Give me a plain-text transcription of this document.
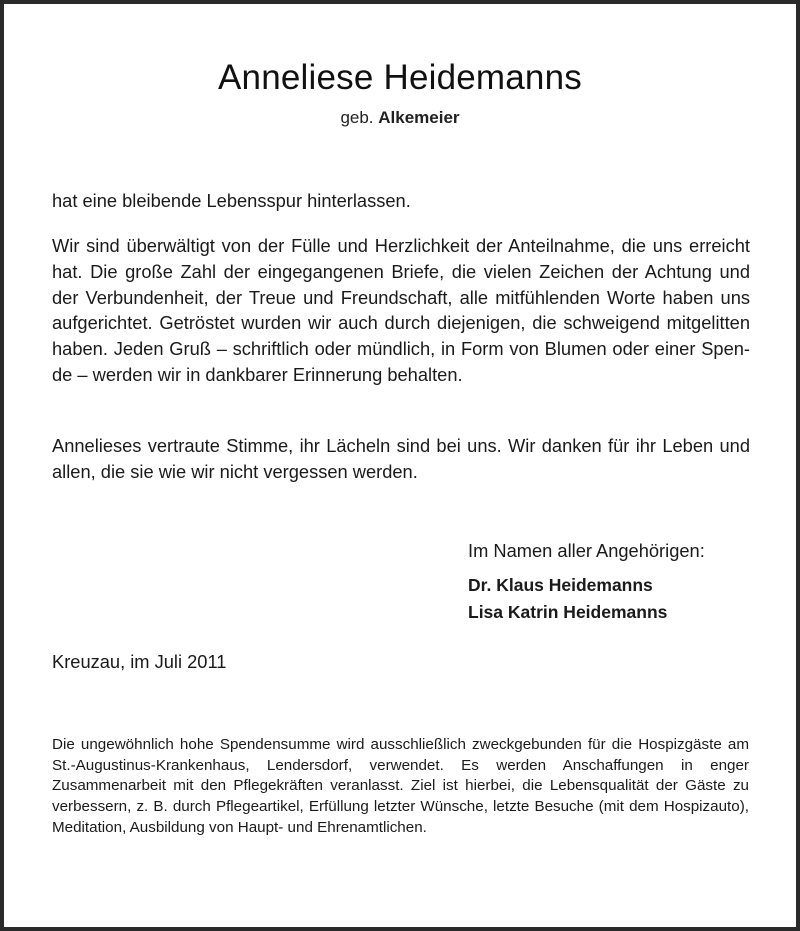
Anneliese Heidemanns
geb. Alkemeier

hat eine bleibende Lebensspur hinterlassen.

Wir sind überwältigt von der Fülle und Herzlichkeit der Anteilnahme, die uns erreicht hat. Die große Zahl der eingegangenen Briefe, die vielen Zeichen der Achtung und der Verbundenheit, der Treue und Freundschaft, alle mitfühlenden Worte haben uns aufgerichtet. Getröstet wurden wir auch durch diejenigen, die schweigend mitgelitten haben. Jeden Gruß – schriftlich oder mündlich, in Form von Blumen oder einer Spende – werden wir in dankbarer Erinnerung behalten.

Annelieses vertraute Stimme, ihr Lächeln sind bei uns. Wir danken für ihr Leben und allen, die sie wie wir nicht vergessen werden.

Im Namen aller Angehörigen:
Dr. Klaus Heidemanns
Lisa Katrin Heidemanns
Kreuzau, im Juli 2011

Die ungewöhnlich hohe Spendensumme wird ausschließlich zweckgebunden für die Hospizgäste am St.-Augustinus-Krankenhaus, Lendersdorf, verwendet. Es werden Anschaffungen in enger Zusammenarbeit mit den Pflegekräften veranlasst. Ziel ist hierbei, die Lebensqualität der Gäste zu verbessern, z. B. durch Pflegeartikel, Erfüllung letzter Wünsche, letzte Besuche (mit dem Hospizauto), Meditation, Ausbildung von Haupt- und Ehrenamtlichen.
